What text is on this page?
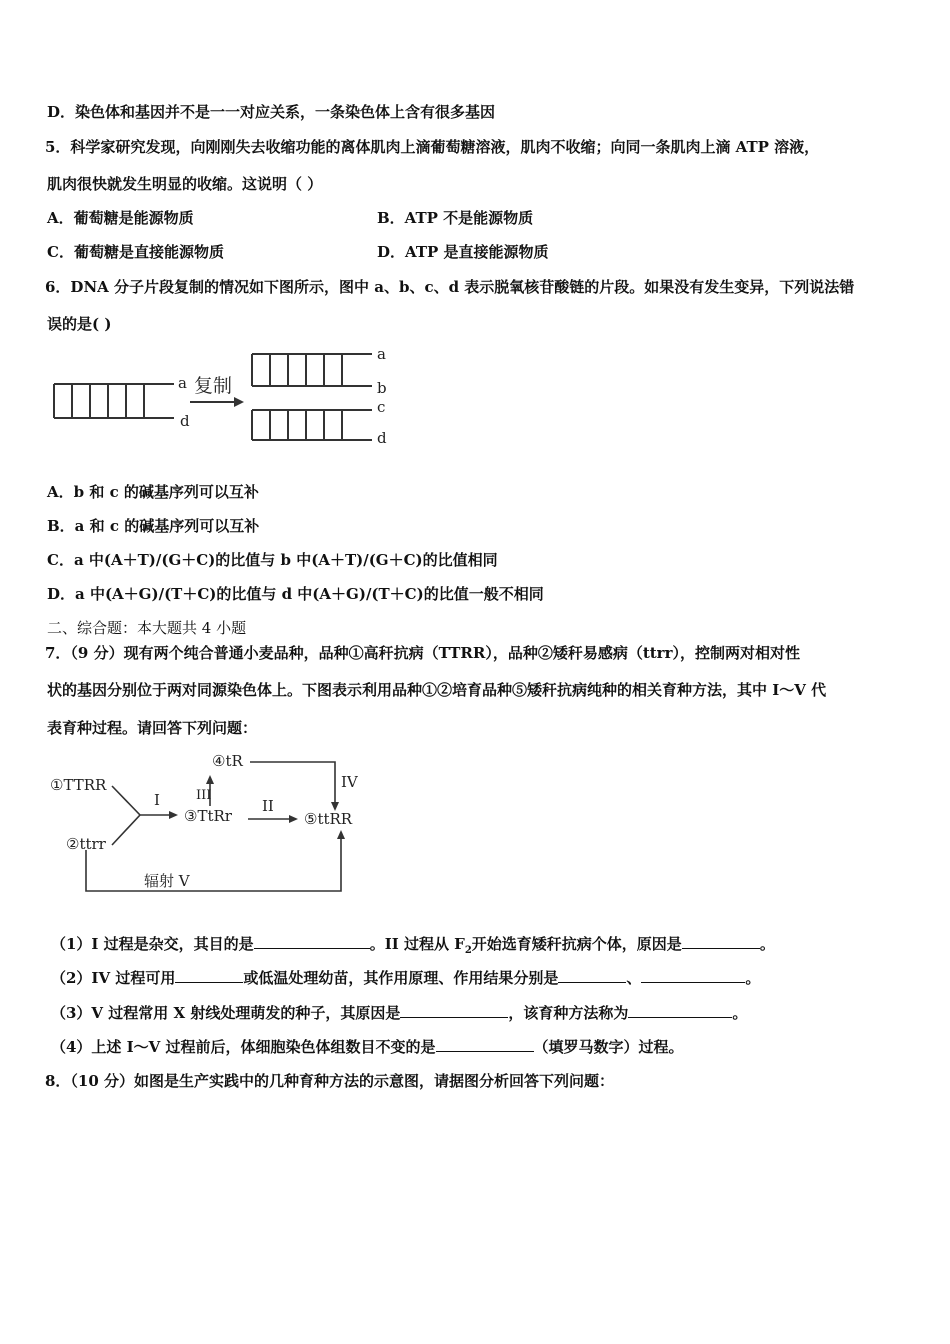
D．染色体和基因并不是一一对应关系，一条染色体上含有很多基因
5．科学家研究发现，向刚刚失去收缩功能的离体肌肉上滴葡萄糖溶液，肌肉不收缩；向同一条肌肉上滴 ATP 溶液，
肌肉很快就发生明显的收缩。这说明（ ）
A．葡萄糖是能源物质	B．ATP 不是能源物质
C．葡萄糖是直接能源物质	D．ATP 是直接能源物质
6．DNA 分子片段复制的情况如下图所示，图中 a、b、c、d 表示脱氧核苷酸链的片段。如果没有发生变异，下列说法错
误的是( )
a
d
复制
a
b
c
d
A．b 和 c 的碱基序列可以互补
B．a 和 c 的碱基序列可以互补
C．a 中(A＋T)/(G＋C)的比值与 b 中(A＋T)/(G＋C)的比值相同
D．a 中(A＋G)/(T＋C)的比值与 d 中(A＋G)/(T＋C)的比值一般不相同
二、综合题：本大题共 4 小题
7．（9 分）现有两个纯合普通小麦品种，品种①高秆抗病（TTRR），品种②矮秆易感病（ttrr），控制两对相对性
状的基因分别位于两对同源染色体上。下图表示利用品种①②培育品种⑤矮秆抗病纯种的相关育种方法，其中 I～V 代
表育种过程。请回答下列问题：
①TTRR
②ttrr
③TtRr
④tR
⑤ttRR
I	II
III
IV
辐射 V
（1）I 过程是杂交，其目的是	。II 过程从 $F_2$开始选育矮秆抗病个体，原因是	。
（2）IV 过程可用	或低温处理幼苗，其作用原理、作用结果分别是	、	。
（3）V 过程常用 X 射线处理萌发的种子，其原因是	，该育种方法称为	。
（4）上述 I～V 过程前后，体细胞染色体组数目不变的是	（填罗马数字）过程。
8．（10 分）如图是生产实践中的几种育种方法的示意图，请据图分析回答下列问题：
